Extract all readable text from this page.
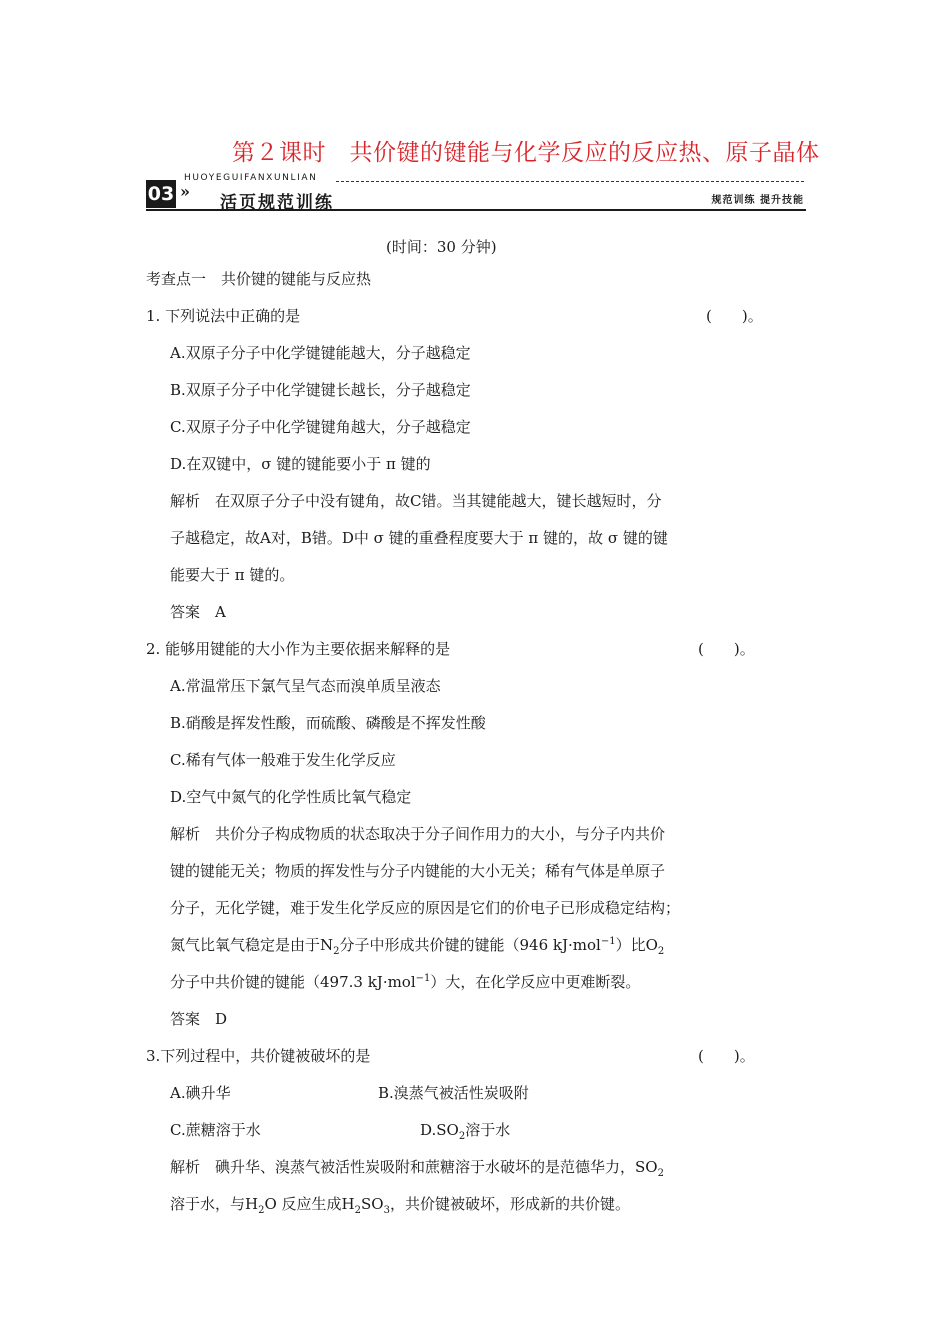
第２课时　共价键的键能与化学反应的反应热、原子晶体
03 »
HUOYEGUIFANXUNLIAN
活页规范训练	规范训练 提升技能
(时间：30 分钟)
考查点一　共价键的键能与反应热
1. 下列说法中正确的是	(　　)。
A.双原子分子中化学键键能越大，分子越稳定
B.双原子分子中化学键键长越长，分子越稳定
C.双原子分子中化学键键角越大，分子越稳定
D.在双键中，σ 键的键能要小于 π 键的
解析　在双原子分子中没有键角，故C错。当其键能越大，键长越短时，分
子越稳定，故A对，B错。D中 σ 键的重叠程度要大于 π 键的，故 σ 键的键
能要大于 π 键的。
答案　A
2. 能够用键能的大小作为主要依据来解释的是	(　　)。
A.常温常压下氯气呈气态而溴单质呈液态
B.硝酸是挥发性酸，而硫酸、磷酸是不挥发性酸
C.稀有气体一般难于发生化学反应
D.空气中氮气的化学性质比氧气稳定
解析　共价分子构成物质的状态取决于分子间作用力的大小，与分子内共价
键的键能无关；物质的挥发性与分子内键能的大小无关；稀有气体是单原子
分子，无化学键，难于发生化学反应的原因是它们的价电子已形成稳定结构；
氮气比氧气稳定是由于$N_2$分子中形成共价键的键能（946 kJ·mol$^{-1}$）比$O_2$
分子中共价键的键能（497.3 kJ·mol$^{-1}$）大，在化学反应中更难断裂。
答案　D
3.下列过程中，共价键被破坏的是	(　　)。
A.碘升华	B.溴蒸气被活性炭吸附
C.蔗糖溶于水	$D.SO_2$溶于水
解析　碘升华、溴蒸气被活性炭吸附和蔗糖溶于水破坏的是范德华力，$SO_2$
溶于水，与$H_2O$ 反应生成$H_2SO_3$，共价键被破坏，形成新的共价键。
